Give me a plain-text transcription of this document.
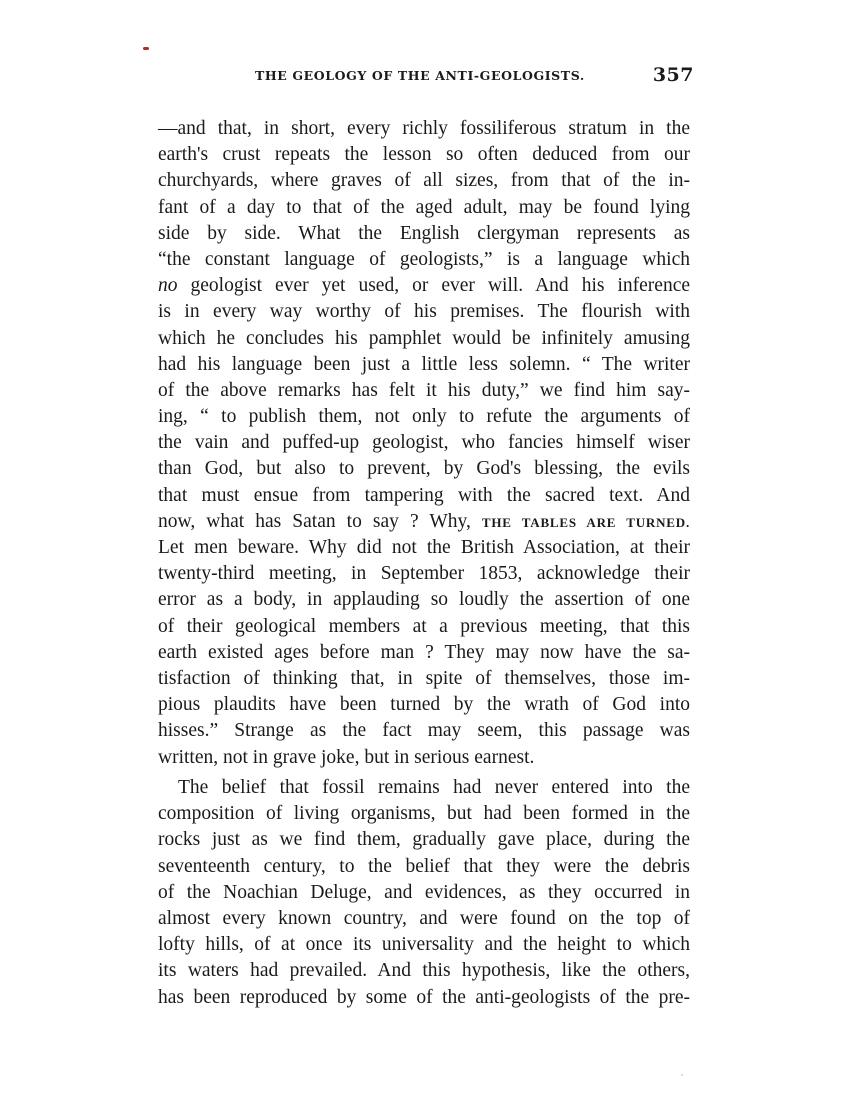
THE GEOLOGY OF THE ANTI-GEOLOGISTS.	357
—and that, in short, every richly fossiliferous stratum in the
earth's crust repeats the lesson so often deduced from our
churchyards, where graves of all sizes, from that of the in-
fant of a day to that of the aged adult, may be found lying
side by side. What the English clergyman represents as
“the constant language of geologists,” is a language which
no geologist ever yet used, or ever will. And his inference
is in every way worthy of his premises. The flourish with
which he concludes his pamphlet would be infinitely amusing
had his language been just a little less solemn. “ The writer
of the above remarks has felt it his duty,” we find him say-
ing, “ to publish them, not only to refute the arguments of
the vain and puffed-up geologist, who fancies himself wiser
than God, but also to prevent, by God's blessing, the evils
that must ensue from tampering with the sacred text. And
now, what has Satan to say ? Why, THE TABLES ARE TURNED.
Let men beware. Why did not the British Association, at their
twenty-third meeting, in September 1853, acknowledge their
error as a body, in applauding so loudly the assertion of one
of their geological members at a previous meeting, that this
earth existed ages before man ? They may now have the sa-
tisfaction of thinking that, in spite of themselves, those im-
pious plaudits have been turned by the wrath of God into
hisses.” Strange as the fact may seem, this passage was
written, not in grave joke, but in serious earnest.
The belief that fossil remains had never entered into the
composition of living organisms, but had been formed in the
rocks just as we find them, gradually gave place, during the
seventeenth century, to the belief that they were the debris
of the Noachian Deluge, and evidences, as they occurred in
almost every known country, and were found on the top of
lofty hills, of at once its universality and the height to which
its waters had prevailed. And this hypothesis, like the others,
has been reproduced by some of the anti-geologists of the pre-
